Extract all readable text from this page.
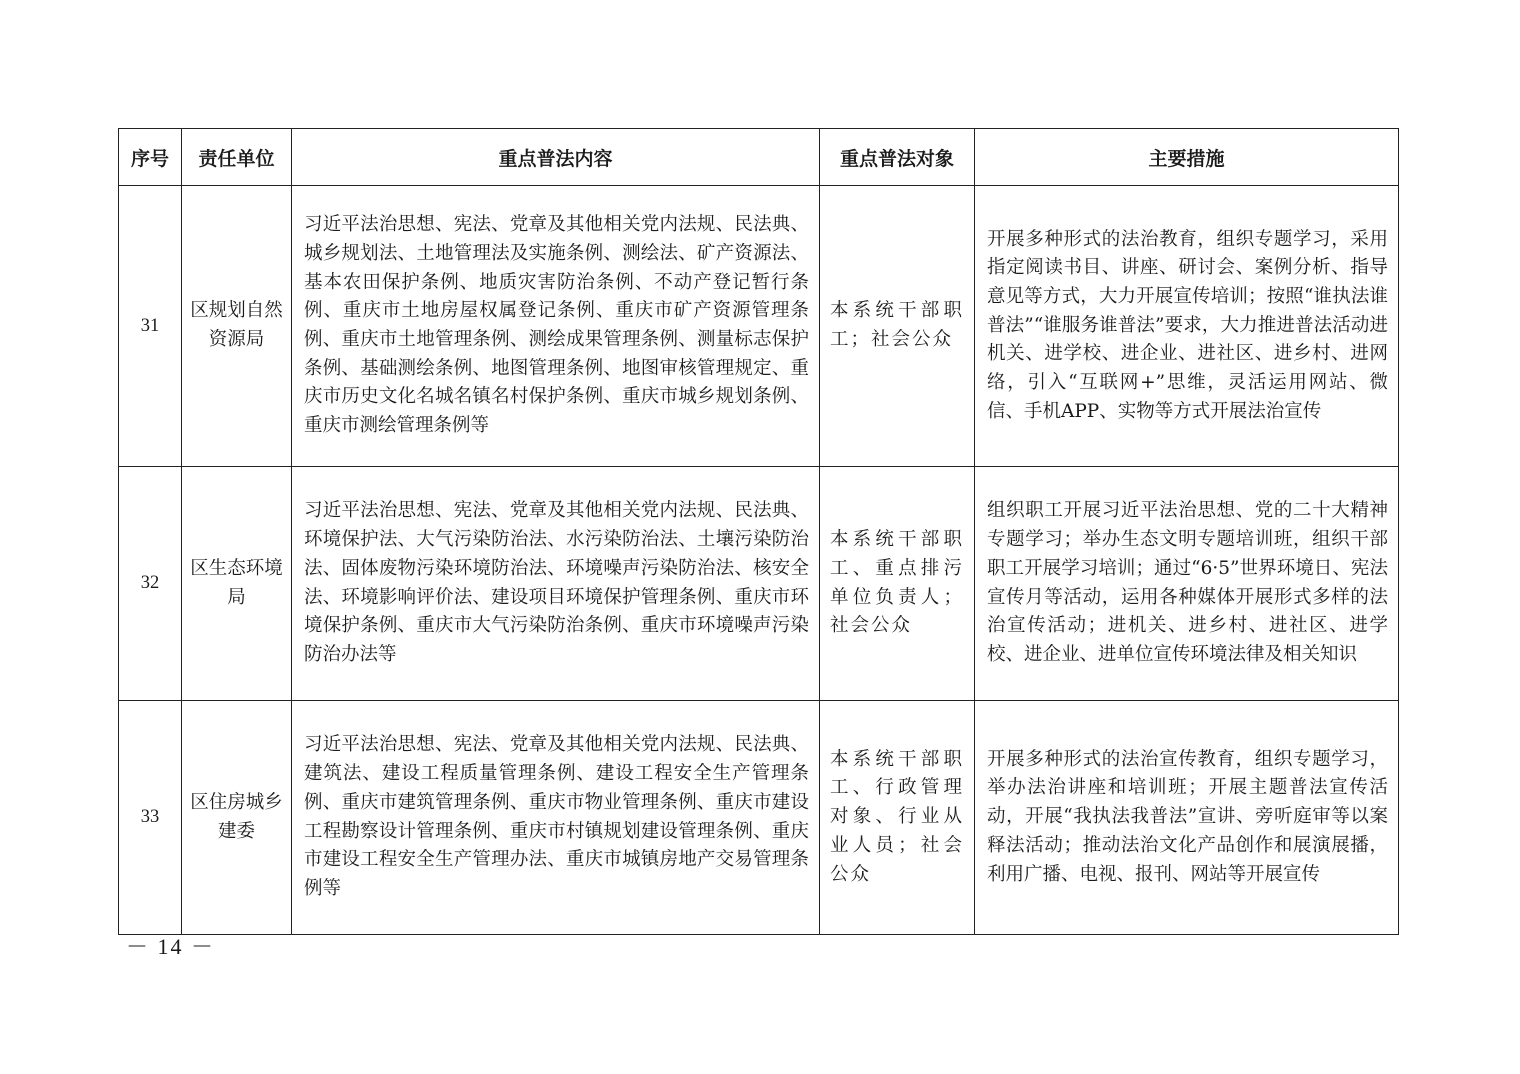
序号	责任单位	重点普法内容	重点普法对象	主要措施
31	区规划自然资源局	习近平法治思想、宪法、党章及其他相关党内法规、民法典、城乡规划法、土地管理法及实施条例、测绘法、矿产资源法、基本农田保护条例、地质灾害防治条例、不动产登记暂行条例、重庆市土地房屋权属登记条例、重庆市矿产资源管理条例、重庆市土地管理条例、测绘成果管理条例、测量标志保护条例、基础测绘条例、地图管理条例、地图审核管理规定、重庆市历史文化名城名镇名村保护条例、重庆市城乡规划条例、重庆市测绘管理条例等	本系统干部职工；社会公众	开展多种形式的法治教育，组织专题学习，采用指定阅读书目、讲座、研讨会、案例分析、指导意见等方式，大力开展宣传培训；按照“谁执法谁普法”“谁服务谁普法”要求，大力推进普法活动进机关、进学校、进企业、进社区、进乡村、进网络，引入“互联网+”思维，灵活运用网站、微信、手机APP、实物等方式开展法治宣传
32	区生态环境局	习近平法治思想、宪法、党章及其他相关党内法规、民法典、环境保护法、大气污染防治法、水污染防治法、土壤污染防治法、固体废物污染环境防治法、环境噪声污染防治法、核安全法、环境影响评价法、建设项目环境保护管理条例、重庆市环境保护条例、重庆市大气污染防治条例、重庆市环境噪声污染防治办法等	本系统干部职工、重点排污单位负责人；社会公众	组织职工开展习近平法治思想、党的二十大精神专题学习；举办生态文明专题培训班，组织干部职工开展学习培训；通过“6·5”世界环境日、宪法宣传月等活动，运用各种媒体开展形式多样的法治宣传活动；进机关、进乡村、进社区、进学校、进企业、进单位宣传环境法律及相关知识
33	区住房城乡建委	习近平法治思想、宪法、党章及其他相关党内法规、民法典、建筑法、建设工程质量管理条例、建设工程安全生产管理条例、重庆市建筑管理条例、重庆市物业管理条例、重庆市建设工程勘察设计管理条例、重庆市村镇规划建设管理条例、重庆市建设工程安全生产管理办法、重庆市城镇房地产交易管理条例等	本系统干部职工、行政管理对象、行业从业人员；社会公众	开展多种形式的法治宣传教育，组织专题学习，举办法治讲座和培训班；开展主题普法宣传活动，开展“我执法我普法”宣讲、旁听庭审等以案释法活动；推动法治文化产品创作和展演展播，利用广播、电视、报刊、网站等开展宣传
－ 14 －
